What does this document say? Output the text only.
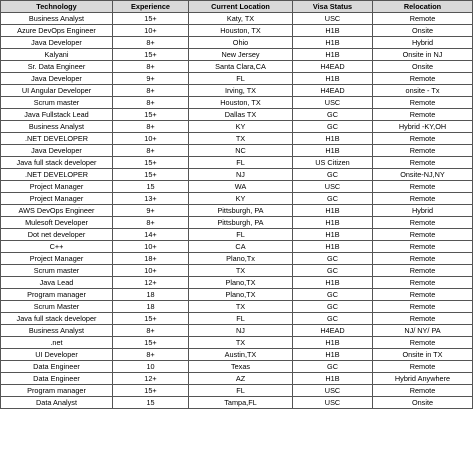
Technology	Experience	Current Location	Visa Status	Relocation
Business Analyst	15+	Katy, TX	USC	Remote
Azure DevOps Engineer	10+	Houston, TX	H1B	Onsite
Java Developer	8+	Ohio	H1B	Hybrid
Kalyani	15+	New Jersey	H1B	Onsite in NJ
Sr. Data Engineer	8+	Santa Clara,CA	H4EAD	Onsite
Java Developer	9+	FL	H1B	Remote
UI Angular Developer	8+	Irving, TX	H4EAD	onsite - Tx
Scrum master	8+	Houston, TX	USC	Remote
Java Fullstack Lead	15+	Dallas TX	GC	Remote
Business Analyst	8+	KY	GC	Hybrid -KY,OH
.NET DEVELOPER	10+	TX	H1B	Remote
Java Developer	8+	NC	H1B	Remote
Java full stack developer	15+	FL	US Citizen	Remote
.NET DEVELOPER	15+	NJ	GC	Onsite-NJ,NY
Project Manager	15	WA	USC	Remote
Project Manager	13+	KY	GC	Remote
AWS DevOps Engineer	9+	Pittsburgh, PA	H1B	Hybrid
Mulesoft Developer	8+	Pittsburgh, PA	H1B	Remote
Dot net developer	14+	FL	H1B	Remote
C++	10+	CA	H1B	Remote
Project Manager	18+	Plano,Tx	GC	Remote
Scrum master	10+	TX	GC	Remote
Java Lead	12+	Plano,TX	H1B	Remote
Program manager	18	Plano,TX	GC	Remote
Scrum Master	18	TX	GC	Remote
Java full stack developer	15+	FL	GC	Remote
Business Analyst	8+	NJ	H4EAD	NJ/ NY/ PA
.net	15+	TX	H1B	Remote
UI Developer	8+	Austin,TX	H1B	Onsite in TX
Data Engineer	10	Texas	GC	Remote
Data Engineer	12+	AZ	H1B	Hybrid Anywhere
Program manager	15+	FL	USC	Remote
Data Analyst	15	Tampa,FL	USC	Onsite
